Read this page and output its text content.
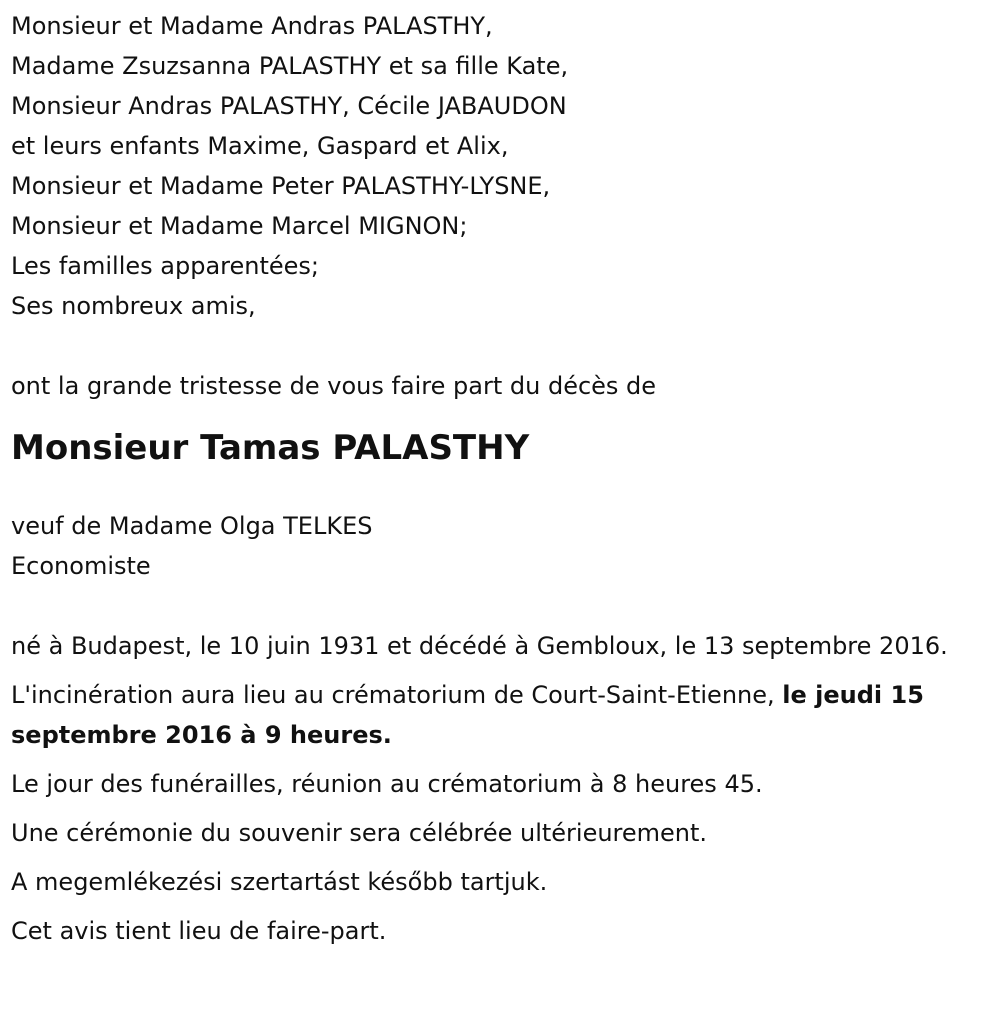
Monsieur et Madame Andras PALASTHY,
Madame Zsuzsanna PALASTHY et sa fille Kate,
Monsieur Andras PALASTHY, Cécile JABAUDON
et leurs enfants Maxime, Gaspard et Alix,
Monsieur et Madame Peter PALASTHY-LYSNE,
Monsieur et Madame Marcel MIGNON;
Les familles apparentées;
Ses nombreux amis,
ont la grande tristesse de vous faire part du décès de
Monsieur Tamas PALASTHY
veuf de Madame Olga TELKES
Economiste
né à Budapest, le 10 juin 1931 et décédé à Gembloux, le 13 septembre 2016.
L'incinération aura lieu au crématorium de Court-Saint-Etienne, le jeudi 15 septembre 2016 à 9 heures.
Le jour des funérailles, réunion au crématorium à 8 heures 45.
Une cérémonie du souvenir sera célébrée ultérieurement.
A megemlékezési szertartást később tartjuk.
Cet avis tient lieu de faire-part.
